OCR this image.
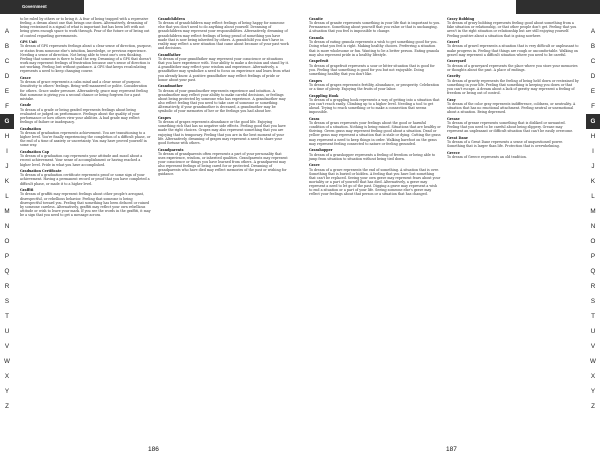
Government
A
B
C
D
E
F
G
H
I
J
K
L
M
N
O
P
Q
R
S
T
U
V
W
X
Y
Z
A
B
C
D
E
F
G
H
I
J
K
L
M
N
O
P
Q
R
S
T
U
V
W
X
Y
Z
to be ruled by others or to bring it. A fear of being trapped with a repressive feeling, a dream about one that brings one down. Alternatively, dreaming of being restrained is a signal of what is important but has been left with not being given enough space to work through. Fear of the future or of being out of control regarding governments.
GPS Unit
To dream of GPS represents feelings about a clear sense of direction, purpose, or status from someone else's intuition, knowledge, or previous experience. Needing a sense of direction. Not being able to trust one's own thinking. Feeling that someone is there to lead the way. Dreaming of a GPS that doesn't work may represent feelings of frustration because one's sense of direction is not working. Feeling lost without guidance. A GPS that keeps recalculating represents a need to keep changing course.
Grace
To dream of grace represents a calm mind and a clear sense of purpose. Sensitivity to others' feelings. Being well-mannered or polite. Consideration for others. Grace under pressure. Alternatively, grace may represent feeling that someone is giving you a second chance or being forgiven for a past mistake.
Grade
To dream of a grade or being graded represents feelings about being evaluated or judged on performance. Feelings about the quality of your performance or how others view your abilities. A bad grade may reflect feelings of failure or inadequacy.
Graduation
To dream of graduation represents achievement. You are transitioning to a higher level. You're finally experiencing the completion of a difficult phase, or the end of a time of anxiety or uncertainty. You may have proved yourself in some way.
Graduation Cap
To dream of a graduation cap represents your attitude and mood about a recent achievement. Your sense of accomplishment or having reached a higher level. Pride in what you have accomplished.
Graduation Certificate
To dream of a graduation certificate represents proof or some sign of your achievement. Having a permanent record or proof that you have completed a difficult phase, or made it to a higher level.
Graffiti
To dream of graffiti may represent feelings about other people's arrogant, disrespectful, or rebellious behavior. Feeling that someone is being disrespectful toward you. Feeling that something has been defaced or ruined by someone careless. Alternatively, graffiti may reflect your own rebellious attitude or wish to leave your mark. If you see the words in the graffiti, it may be a sign that you need to get a message across.
Grandchildren
To dream of grandchildren may reflect feelings of being happy for someone else that you don't need to do anything about yourself. Dreaming of grandchildren may represent your responsibilities. Alternatively, dreaming of grandchildren may reflect feelings of being proud of something you have made that is now being inherited by others. A grandchild you don't have in reality may reflect a new situation that came about because of your past work and decisions.
Grandfather
To dream of your grandfather may represent your conscience or situations that you have experience with. Your ability to make a decision and stand by it. A grandfather may reflect your wisdom and experience. Alternatively, a grandfather may symbolize a need to focus on experience and learn from what you already know. A positive grandfather may reflect feelings of pride or honor about your past.
Grandmother
To dream of your grandmother represents experience and intuition. A grandmother may reflect your ability to make careful decisions, or feelings about being protected by someone who has experience. A grandmother may also reflect feeling that you need to take care of someone or something. Alternatively, if your grandmother is deceased, a grandmother may be symbolic of your memories of her or the feelings you had about her.
Grapes
To dream of grapes represents abundance or the good life. Enjoying something rich that has no negative side effects. Feeling good that you have made the right choices. Grapes may also represent something that you are enjoying that is temporary. Feeling that you are in the best moment of your life. Alternatively, dreaming of grapes may represent a need to share your good fortune with others.
Grandparents
To dream of grandparents often represents a part of your personality that uses experience, wisdom, or inherited qualities. Grandparents may represent your conscience or things you have learned from others. A grandparent may also represent feelings of being cared for or protected. Dreaming of grandparents who have died may reflect memories of the past or wishing for guidance.
Granite
To dream of granite represents something in your life that is important to you. Permanence. Something about yourself that you value or that is unchanging. A situation that you feel is impossible to change.
Granola
To dream of eating granola represents a wish to get something good for you. Doing what you feel is right. Making healthy choices. Preferring a situation that is more wholesome or fun. Wanting to be a better person. Eating granola may also represent pride in a healthy lifestyle.
Grapefruit
To dream of grapefruit represents a sour or bitter situation that is good for you. Feeling that something is good for you but not enjoyable. Doing something healthy that you don't like.
Grapes
To dream of grapes represents fertility, abundance, or prosperity. Celebration or a time of plenty. Enjoying the fruits of your labor.
Grappling Hook
To dream of a grappling hook represents a way of getting into a situation that you can't reach easily. Climbing up to a higher level. Needing a tool to get ahead. Trying to reach something or to make a connection that seems impossible.
Grass
To dream of grass represents your feelings about the good or harmful condition of a situation. Nothing is being ruined. Situations that are healthy or thriving. Green grass may represent feeling good about a situation. Dead or yellow grass may represent a situation that is stale or dying. Cutting the grass may represent a need to keep things in order. Walking barefoot on the grass may represent feeling connected to nature or feeling grounded.
Grasshopper
To dream of a grasshopper represents a feeling of freedom or being able to jump from situation to situation without being tied down.
Grave
To dream of a grave represents the end of something. A situation that is over. Something that is buried or hidden. A feeling that you have lost something that can't be replaced. Seeing your own grave may represent fears about your mortality or a part of yourself that has died. Alternatively, a grave may represent a need to let go of the past. Digging a grave may represent a wish to end a situation or a part of your life. Seeing someone else's grave may reflect your feelings about that person or a situation that has changed.
Gravy Bobbing
To dream of gravy bobbing represents feeling good about something from a fake situation or relationship, or that other people don't get. Feeling that you aren't in the right situation or relationship but are still enjoying yourself. Feeling positive about a situation that is going nowhere.
Gravel
To dream of gravel represents a situation that is very difficult or unpleasant to make progress in. Feeling that things are rough or uncomfortable. Walking on gravel may represent a difficult situation where you need to be careful.
Graveyard
To dream of a graveyard represents the place where you store your memories or thoughts about the past. A place of endings.
Gravity
To dream of gravity represents the feeling of being held down or restrained by something in your life. Feeling that something is keeping you down or that you can't escape. A dream about a lack of gravity may represent a feeling of freedom or being out of control.
Gray
To dream of the color gray represents indifference, coldness, or neutrality. A situation that has no emotional attachment. Feeling neutral or unemotional about a situation. Being depressed.
Grease
To dream of grease represents something that is disliked or unwanted. Feeling that you need to be careful about being slippery. Grease may represent an unpleasant or difficult situation that can't be easily overcome.
Great Dane
To dream of a Great Dane represents a sense of unquestioned power. Something that is larger than life. Protection that is overwhelming.
Greece
To dream of Greece represents an old tradition.
186	187
